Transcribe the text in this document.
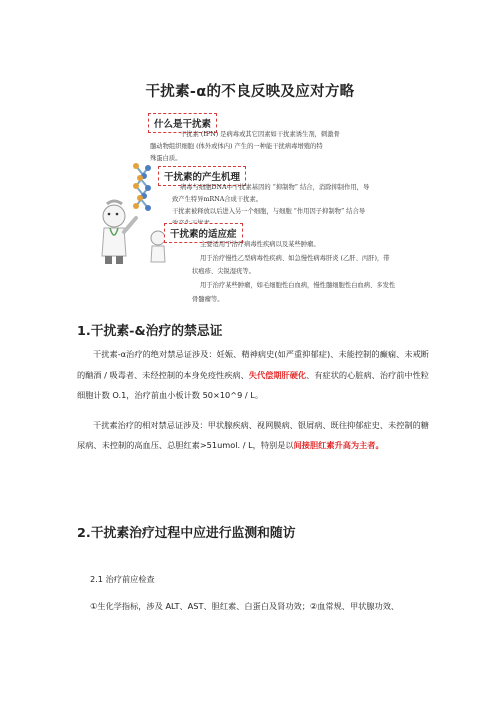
干扰素-α的不良反映及应对方略
什么是干扰素
干扰素 (IFN) 是病毒或其它因素如干扰素诱生剂，刺激骨
髓动物组织细胞 (体外或体内) 产生的一种能干扰病毒增殖的特
殊蛋白质。
干扰素的产生机理
病毒与细胞DNA中干扰素基因的 “抑制物” 结合，消除抑制作用，导
致产生特异mRNA合成干扰素。
干扰素被释放以后进入另一个细胞，与细胞 “作用因子抑制物” 结合导
干扰素的适应症
主要适用于治疗病毒性疾病以及某些肿瘤。
用于治疗慢性乙型病毒性疾病、如急慢性病毒肝炎 (乙肝、丙肝)，带
状疱疹、尖锐湿疣等。
用于治疗某些肿瘤，如毛细胞性白血病，慢性髓细胞性白血病、多发性
骨髓瘤等。
1.干扰素-&治疗的禁忌证

干扰素-α治疗的绝对禁忌证涉及：妊娠、精神病史(如严重抑郁症)、未能控制的癫痫、未戒断的酗酒 / 吸毒者、未经控制的本身免疫性疾病、失代偿期肝硬化、有症状的心脏病、治疗前中性粒细胞计数 O.1，治疗前血小板计数 50×10^9 / L。

干扰素治疗的相对禁忌证涉及：甲状腺疾病、视网膜病、银屑病、既往抑郁症史、未控制的糖尿病、未控制的高血压、总胆红素>51umol. / L，特别是以间接胆红素升高为主者。

2.干扰素治疗过程中应进行监测和随访
2.1 治疗前应检查
①生化学指标，涉及 ALT、AST、胆红素、白蛋白及肾功效；②血常规、甲状腺功效、
